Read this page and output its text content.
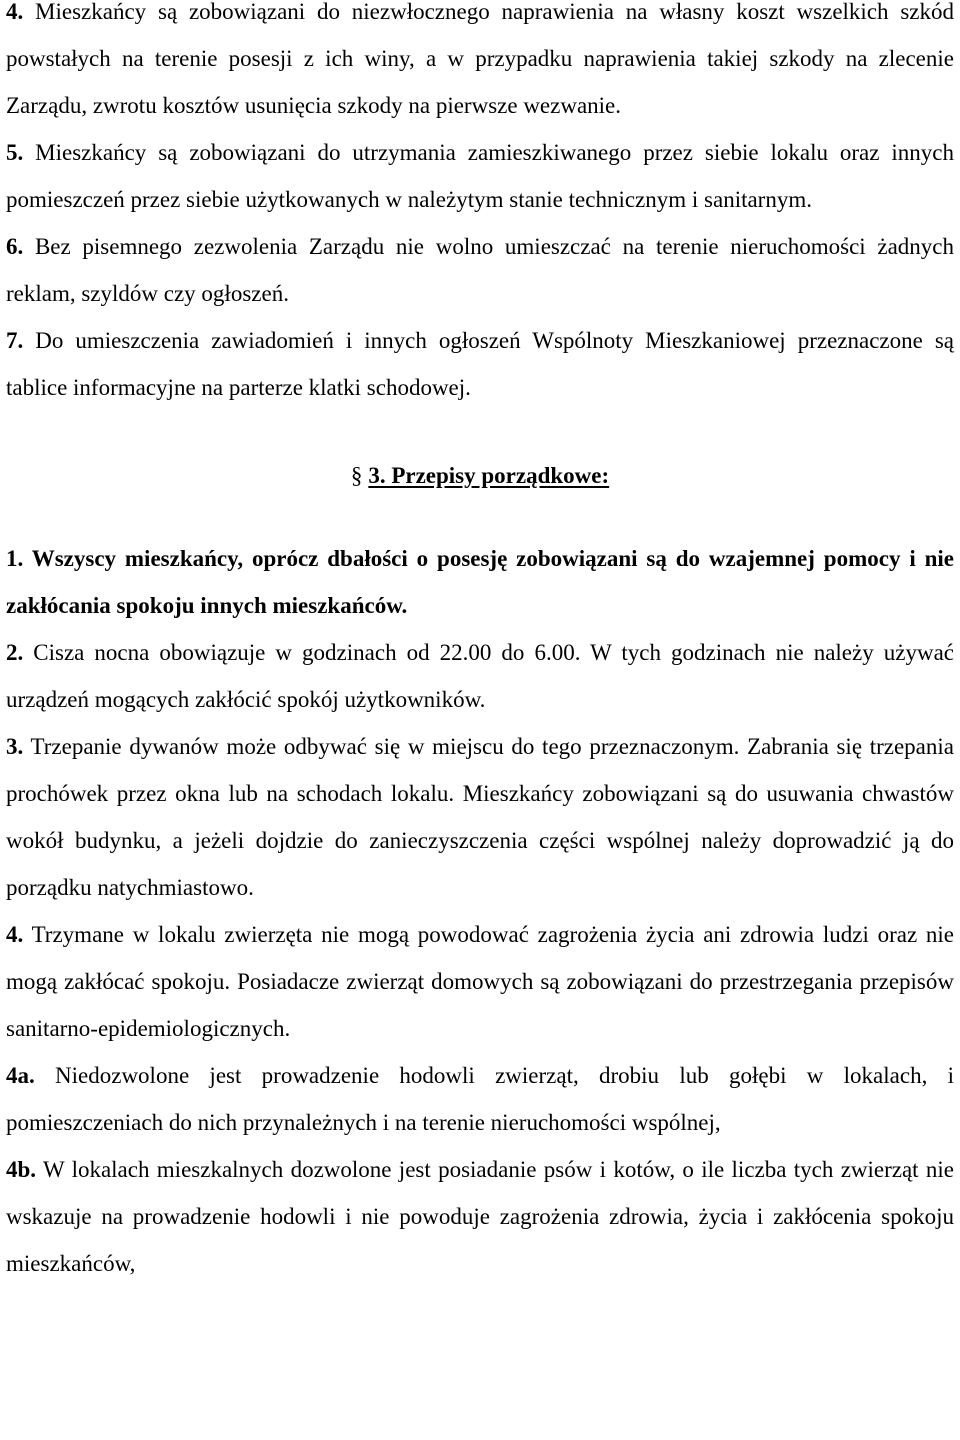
4. Mieszkańcy są zobowiązani do niezwłocznego naprawienia na własny koszt wszelkich szkód powstałych na terenie posesji z ich winy, a w przypadku naprawienia takiej szkody na zlecenie Zarządu, zwrotu kosztów usunięcia szkody na pierwsze wezwanie.

5. Mieszkańcy są zobowiązani do utrzymania zamieszkiwanego przez siebie lokalu oraz innych pomieszczeń przez siebie użytkowanych w należytym stanie technicznym i sanitarnym.

6. Bez pisemnego zezwolenia Zarządu nie wolno umieszczać na terenie nieruchomości żadnych reklam, szyldów czy ogłoszeń.

7. Do umieszczenia zawiadomień i innych ogłoszeń Wspólnoty Mieszkaniowej przeznaczone są tablice informacyjne na parterze klatki schodowej.

§ 3. Przepisy porządkowe:

1. Wszyscy mieszkańcy, oprócz dbałości o posesję zobowiązani są do wzajemnej pomocy i nie zakłócania spokoju innych mieszkańców.

2. Cisza nocna obowiązuje w godzinach od 22.00 do 6.00. W tych godzinach nie należy używać urządzeń mogących zakłócić spokój użytkowników.

3. Trzepanie dywanów może odbywać się w miejscu do tego przeznaczonym. Zabrania się trzepania prochówek przez okna lub na schodach lokalu. Mieszkańcy zobowiązani są do usuwania chwastów wokół budynku, a jeżeli dojdzie do zanieczyszczenia części wspólnej należy doprowadzić ją do porządku natychmiastowo.

4. Trzymane w lokalu zwierzęta nie mogą powodować zagrożenia życia ani zdrowia ludzi oraz nie mogą zakłócać spokoju. Posiadacze zwierząt domowych są zobowiązani do przestrzegania przepisów sanitarno-epidemiologicznych.

4a. Niedozwolone jest prowadzenie hodowli zwierząt, drobiu lub gołębi w lokalach, i pomieszczeniach do nich przynależnych i na terenie nieruchomości wspólnej,

4b. W lokalach mieszkalnych dozwolone jest posiadanie psów i kotów, o ile liczba tych zwierząt nie wskazuje na prowadzenie hodowli i nie powoduje zagrożenia zdrowia, życia i zakłócenia spokoju mieszkańców,
